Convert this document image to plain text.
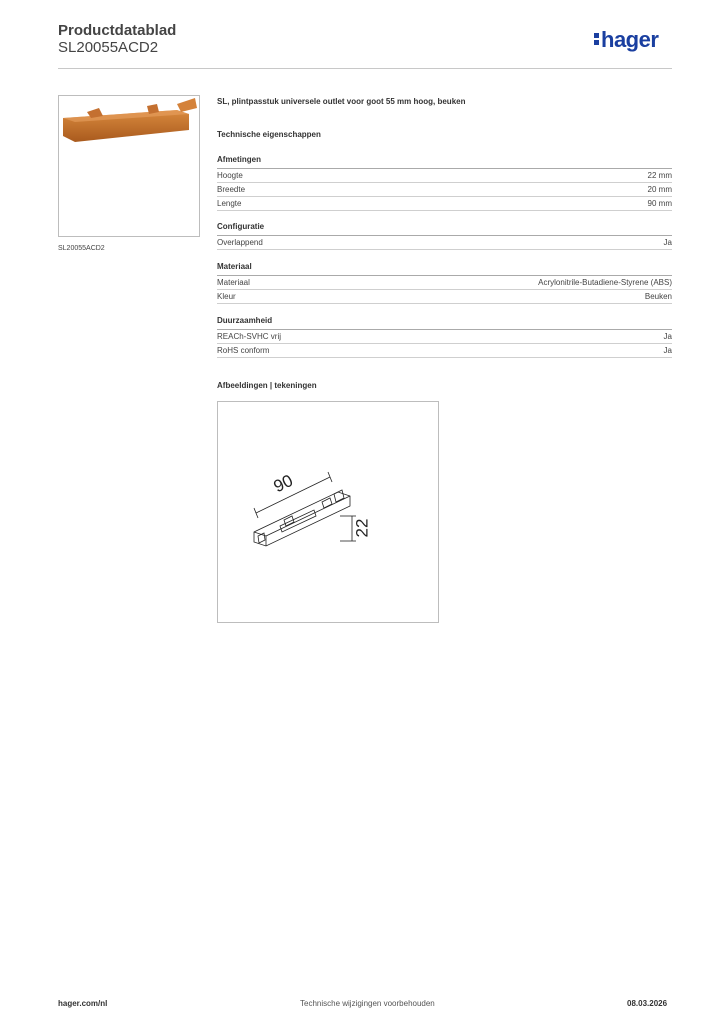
Productdatablad
SL20055ACD2	hager
SL20055ACD2
SL, plintpasstuk universele outlet voor goot 55 mm hoog, beuken
Technische eigenschappen
Afmetingen
Hoogte	22 mm
Breedte	20 mm
Lengte	90 mm
Configuratie
Overlappend	Ja
Materiaal
Materiaal	Acrylonitrile-Butadiene-Styrene (ABS)
Kleur	Beuken
Duurzaamheid
REACh-SVHC vrij	Ja
RoHS conform	Ja
Afbeeldingen | tekeningen
90
22
hager.com/nl	Technische wijzigingen voorbehouden	08.03.2026
